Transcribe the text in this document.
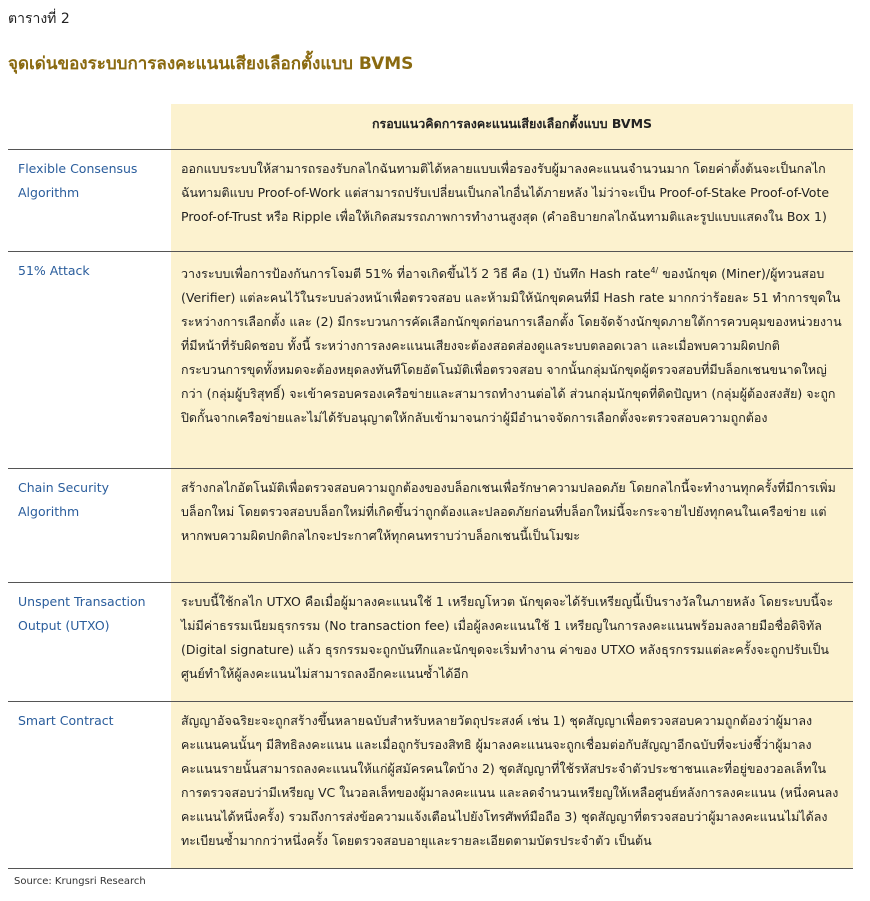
ตารางที่ 2
จุดเด่นของระบบการลงคะแนนเสียงเลือกตั้งแบบ BVMS
กรอบแนวคิดการลงคะแนนเสียงเลือกตั้งแบบ BVMS
Flexible Consensus Algorithm
ออกแบบระบบให้สามารถรองรับกลไกฉันทามติได้หลายแบบเพื่อรองรับผู้มาลงคะแนนจำนวนมาก โดยค่าตั้งต้นจะเป็นกลไกฉันทามติแบบ Proof-of-Work แต่สามารถปรับเปลี่ยนเป็นกลไกอื่นได้ภายหลัง ไม่ว่าจะเป็น Proof-of-Stake Proof-of-Vote Proof-of-Trust หรือ Ripple เพื่อให้เกิดสมรรถภาพการทำงานสูงสุด (คำอธิบายกลไกฉันทามติและรูปแบบแสดงใน Box 1)
51% Attack	วางระบบเพื่อการป้องกันการโจมตี 51% ที่อาจเกิดขึ้นไว้ 2 วิธี คือ (1) บันทึก Hash rate$^{4/}$ ของนักขุด (Miner)/ผู้ทวนสอบ (Verifier) แต่ละคนไว้ในระบบล่วงหน้าเพื่อตรวจสอบ และห้ามมิให้นักขุดคนที่มี Hash rate มากกว่าร้อยละ 51 ทำการขุดในระหว่างการเลือกตั้ง และ (2) มีกระบวนการคัดเลือกนักขุดก่อนการเลือกตั้ง โดยจัดจ้างนักขุดภายใต้การควบคุมของหน่วยงานที่มีหน้าที่รับผิดชอบ ทั้งนี้ ระหว่างการลงคะแนนเสียงจะต้องสอดส่องดูแลระบบตลอดเวลา และเมื่อพบความผิดปกติ กระบวนการขุดทั้งหมดจะต้องหยุดลงทันทีโดยอัตโนมัติเพื่อตรวจสอบ จากนั้นกลุ่มนักขุดผู้ตรวจสอบที่มีบล็อกเชนขนาดใหญ่กว่า (กลุ่มผู้บริสุทธิ์) จะเข้าครอบครองเครือข่ายและสามารถทำงานต่อได้ ส่วนกลุ่มนักขุดที่ติดปัญหา (กลุ่มผู้ต้องสงสัย) จะถูกปิดกั้นจากเครือข่ายและไม่ได้รับอนุญาตให้กลับเข้ามาจนกว่าผู้มีอำนาจจัดการเลือกตั้งจะตรวจสอบความถูกต้อง
Chain Security Algorithm
สร้างกลไกอัตโนมัติเพื่อตรวจสอบความถูกต้องของบล็อกเชนเพื่อรักษาความปลอดภัย โดยกลไกนี้จะทำงานทุกครั้งที่มีการเพิ่มบล็อกใหม่ โดยตรวจสอบบล็อกใหม่ที่เกิดขึ้นว่าถูกต้องและปลอดภัยก่อนที่บล็อกใหม่นี้จะกระจายไปยังทุกคนในเครือข่าย แต่หากพบความผิดปกติกลไกจะประกาศให้ทุกคนทราบว่าบล็อกเชนนี้เป็นโมฆะ
Unspent Transaction Output (UTXO)
ระบบนี้ใช้กลไก UTXO คือเมื่อผู้มาลงคะแนนใช้ 1 เหรียญโหวต นักขุดจะได้รับเหรียญนี้เป็นรางวัลในภายหลัง โดยระบบนี้จะไม่มีค่าธรรมเนียมธุรกรรม (No transaction fee) เมื่อผู้ลงคะแนนใช้ 1 เหรียญในการลงคะแนนพร้อมลงลายมือชื่อดิจิทัล (Digital signature) แล้ว ธุรกรรมจะถูกบันทึกและนักขุดจะเริ่มทำงาน ค่าของ UTXO หลังธุรกรรมแต่ละครั้งจะถูกปรับเป็นศูนย์ทำให้ผู้ลงคะแนนไม่สามารถลงอีกคะแนนซ้ำได้อีก
Smart Contract	สัญญาอัจฉริยะจะถูกสร้างขึ้นหลายฉบับสำหรับหลายวัตถุประสงค์ เช่น 1) ชุดสัญญาเพื่อตรวจสอบความถูกต้องว่าผู้มาลงคะแนนคนนั้นๆ มีสิทธิลงคะแนน และเมื่อถูกรับรองสิทธิ ผู้มาลงคะแนนจะถูกเชื่อมต่อกับสัญญาอีกฉบับที่จะบ่งชี้ว่าผู้มาลงคะแนนรายนั้นสามารถลงคะแนนให้แก่ผู้สมัครคนใดบ้าง 2) ชุดสัญญาที่ใช้รหัสประจำตัวประชาชนและที่อยู่ของวอลเล็ทในการตรวจสอบว่ามีเหรียญ VC ในวอลเล็ทของผู้มาลงคะแนน และลดจำนวนเหรียญให้เหลือศูนย์หลังการลงคะแนน (หนึ่งคนลงคะแนนได้หนึ่งครั้ง) รวมถึงการส่งข้อความแจ้งเตือนไปยังโทรศัพท์มือถือ 3) ชุดสัญญาที่ตรวจสอบว่าผู้มาลงคะแนนไม่ได้ลงทะเบียนซ้ำมากกว่าหนึ่งครั้ง โดยตรวจสอบอายุและรายละเอียดตามบัตรประจำตัว เป็นต้น
Source: Krungsri Research
